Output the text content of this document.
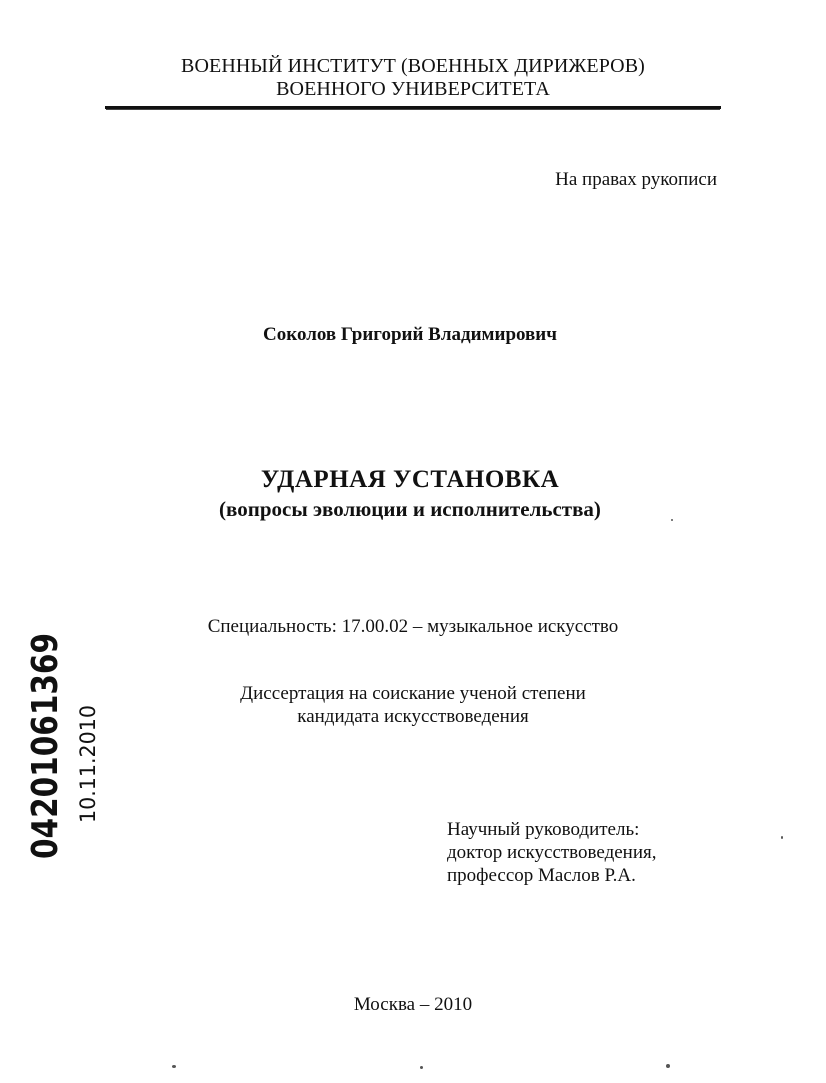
ВОЕННЫЙ ИНСТИТУТ (ВОЕННЫХ ДИРИЖЕРОВ)
ВОЕННОГО УНИВЕРСИТЕТА
На правах рукописи
Соколов Григорий Владимирович
УДАРНАЯ УСТАНОВКА
(вопросы эволюции и исполнительства)
Специальность: 17.00.02 – музыкальное искусство
Диссертация на соискание ученой степени
кандидата искусствоведения
Научный руководитель:
доктор искусствоведения,
профессор Маслов Р.А.
Москва – 2010
04201061369 10.11.2010
